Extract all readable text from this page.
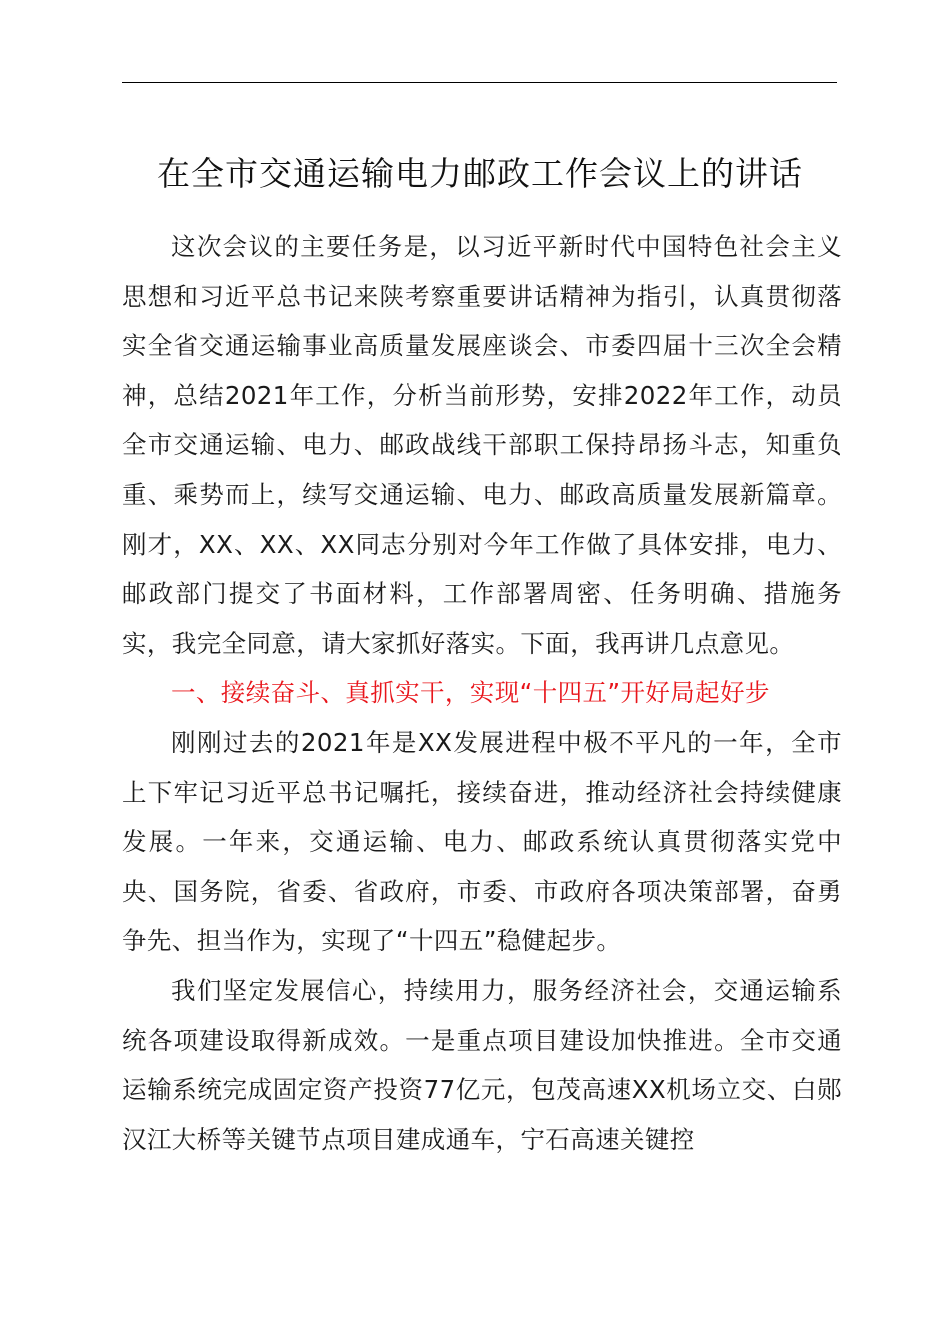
在全市交通运输电力邮政工作会议上的讲话

这次会议的主要任务是，以习近平新时代中国特色社会主义思想和习近平总书记来陕考察重要讲话精神为指引，认真贯彻落实全省交通运输事业高质量发展座谈会、市委四届十三次全会精神，总结2021年工作，分析当前形势，安排2022年工作，动员全市交通运输、电力、邮政战线干部职工保持昂扬斗志，知重负重、乘势而上，续写交通运输、电力、邮政高质量发展新篇章。刚才，XX、XX、XX同志分别对今年工作做了具体安排，电力、邮政部门提交了书面材料，工作部署周密、任务明确、措施务实，我完全同意，请大家抓好落实。下面，我再讲几点意见。

一、接续奋斗、真抓实干，实现“十四五”开好局起好步

刚刚过去的2021年是XX发展进程中极不平凡的一年，全市上下牢记习近平总书记嘱托，接续奋进，推动经济社会持续健康发展。一年来，交通运输、电力、邮政系统认真贯彻落实党中央、国务院，省委、省政府，市委、市政府各项决策部署，奋勇争先、担当作为，实现了“十四五”稳健起步。

我们坚定发展信心，持续用力，服务经济社会，交通运输系统各项建设取得新成效。一是重点项目建设加快推进。全市交通运输系统完成固定资产投资77亿元，包茂高速XX机场立交、白郧汉江大桥等关键节点项目建成通车，宁石高速关键控
